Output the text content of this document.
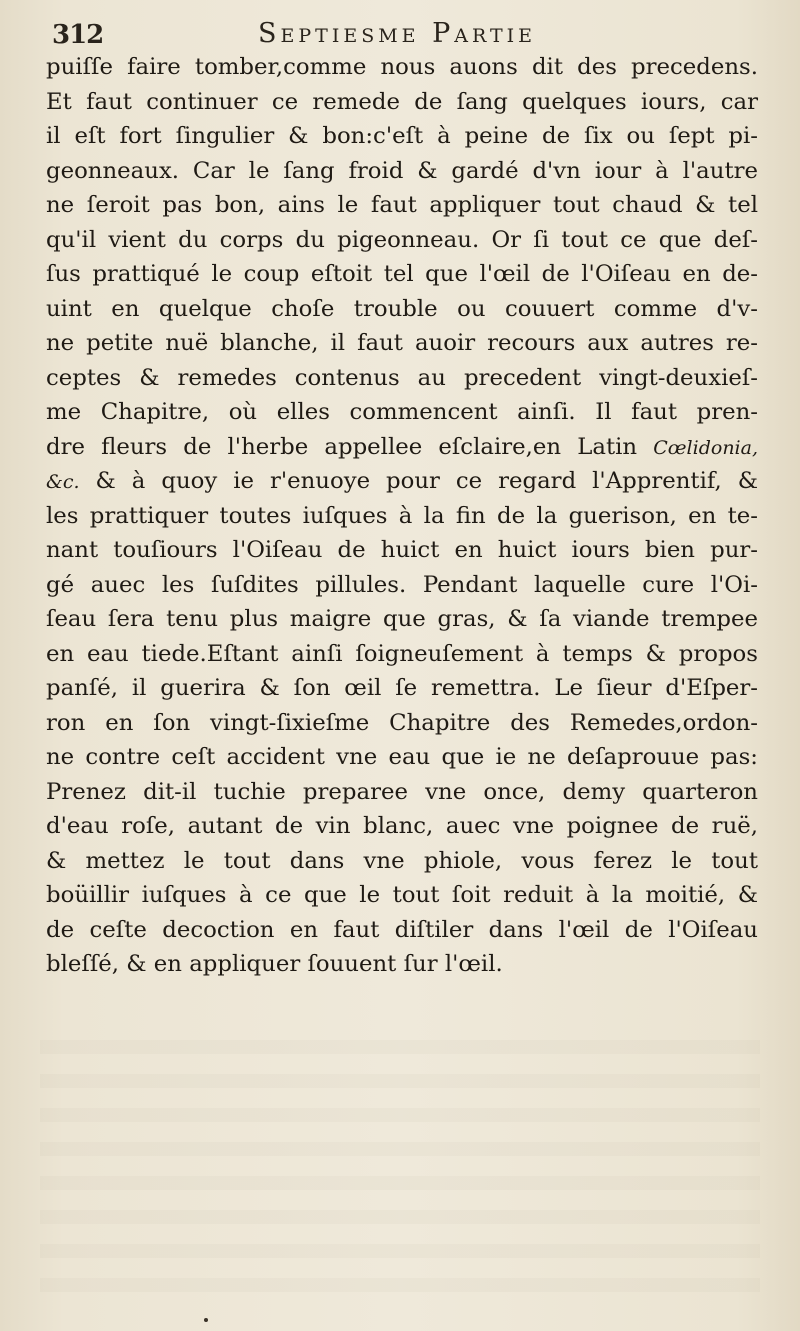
312	Septiesme Partie
puiſſe faire tomber,comme nous auons dit des precedens.
Et faut continuer ce remede de ſang quelques iours, car
il eſt fort ſingulier & bon:c'eſt à peine de ſix ou ſept pi-
geonneaux. Car le ſang froid & gardé d'vn iour à l'autre
ne ſeroit pas bon, ains le faut appliquer tout chaud & tel
qu'il vient du corps du pigeonneau. Or ſi tout ce que deſ-
ſus prattiqué le coup eſtoit tel que l'œil de l'Oiſeau en de-
uint en quelque choſe trouble ou couuert comme d'v-
ne petite nuë blanche, il faut auoir recours aux autres re-
ceptes & remedes contenus au precedent vingt-deuxieſ-
me Chapitre, où elles commencent ainſi. Il faut pren-
dre fleurs de l'herbe appellee eſclaire,en Latin Cœlidonia,
&c. & à quoy ie r'enuoye pour ce regard l'Apprentif, &
les prattiquer toutes iuſques à la fin de la guerison, en te-
nant touſiours l'Oiſeau de huict en huict iours bien pur-
gé auec les ſuſdites pillules. Pendant laquelle cure l'Oi-
ſeau ſera tenu plus maigre que gras, & ſa viande trempee
en eau tiede.Eſtant ainſi ſoigneuſement à temps & propos
panſé, il guerira & ſon œil ſe remettra. Le ſieur d'Eſper-
ron en ſon vingt-ſixieſme Chapitre des Remedes,ordon-
ne contre ceſt accident vne eau que ie ne deſaprouue pas:
Prenez dit-il tuchie preparee vne once, demy quarteron
d'eau roſe, autant de vin blanc, auec vne poignee de ruë,
& mettez le tout dans vne phiole, vous ferez le tout
boüillir iuſques à ce que le tout ſoit reduit à la moitié, &
de ceſte decoction en faut diſtiler dans l'œil de l'Oiſeau
bleſſé, & en appliquer ſouuent ſur l'œil.
